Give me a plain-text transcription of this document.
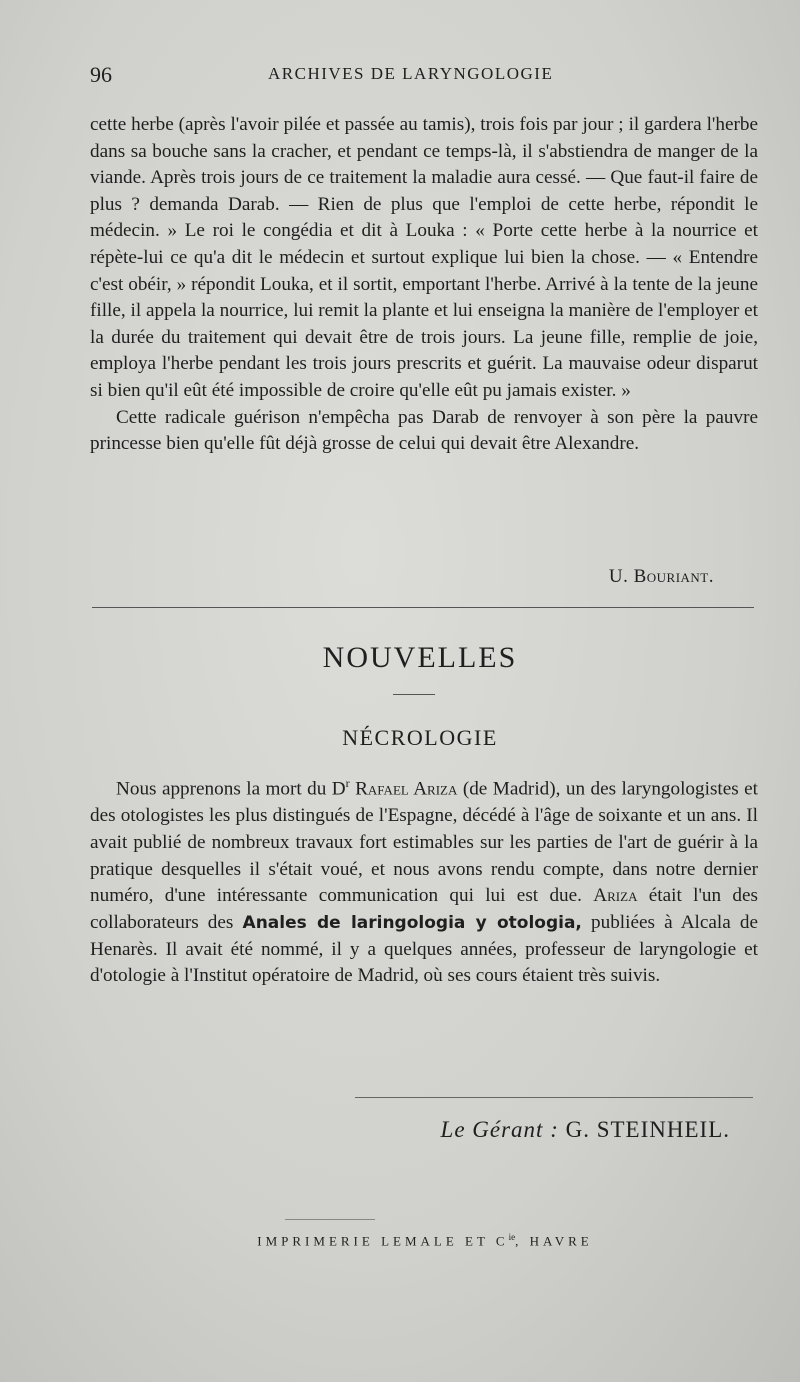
96	ARCHIVES DE LARYNGOLOGIE

cette herbe (après l'avoir pilée et passée au tamis), trois fois par jour ; il gardera l'herbe dans sa bouche sans la cracher, et pendant ce temps-là, il s'abstiendra de manger de la viande. Après trois jours de ce traitement la maladie aura cessé. — Que faut-il faire de plus ? demanda Darab. — Rien de plus que l'emploi de cette herbe, répondit le médecin. » Le roi le congédia et dit à Louka : « Porte cette herbe à la nourrice et répète-lui ce qu'a dit le médecin et surtout explique lui bien la chose. — « Entendre c'est obéir, » répondit Louka, et il sortit, emportant l'herbe. Arrivé à la tente de la jeune fille, il appela la nourrice, lui remit la plante et lui enseigna la manière de l'employer et la durée du traitement qui devait être de trois jours. La jeune fille, remplie de joie, employa l'herbe pendant les trois jours prescrits et guérit. La mauvaise odeur disparut si bien qu'il eût été impossible de croire qu'elle eût pu jamais exister. »

Cette radicale guérison n'empêcha pas Darab de renvoyer à son père la pauvre princesse bien qu'elle fût déjà grosse de celui qui devait être Alexandre.

U. Bouriant.
NOUVELLES
NÉCROLOGIE

Nous apprenons la mort du $D^r$ Rafael Ariza (de Madrid), un des laryngologistes et des otologistes les plus distingués de l'Espagne, décédé à l'âge de soixante et un ans. Il avait publié de nombreux travaux fort estimables sur les parties de l'art de guérir à la pratique desquelles il s'était voué, et nous avons rendu compte, dans notre dernier numéro, d'une intéressante communication qui lui est due. Ariza était l'un des collaborateurs des Anales de laringologia y otologia, publiées à Alcala de Henarès. Il avait été nommé, il y a quelques années, professeur de laryngologie et d'otologie à l'Institut opératoire de Madrid, où ses cours étaient très suivis.

Le Gérant : G. STEINHEIL.
IMPRIMERIE LEMALE ET $C^{ie}$, HAVRE
